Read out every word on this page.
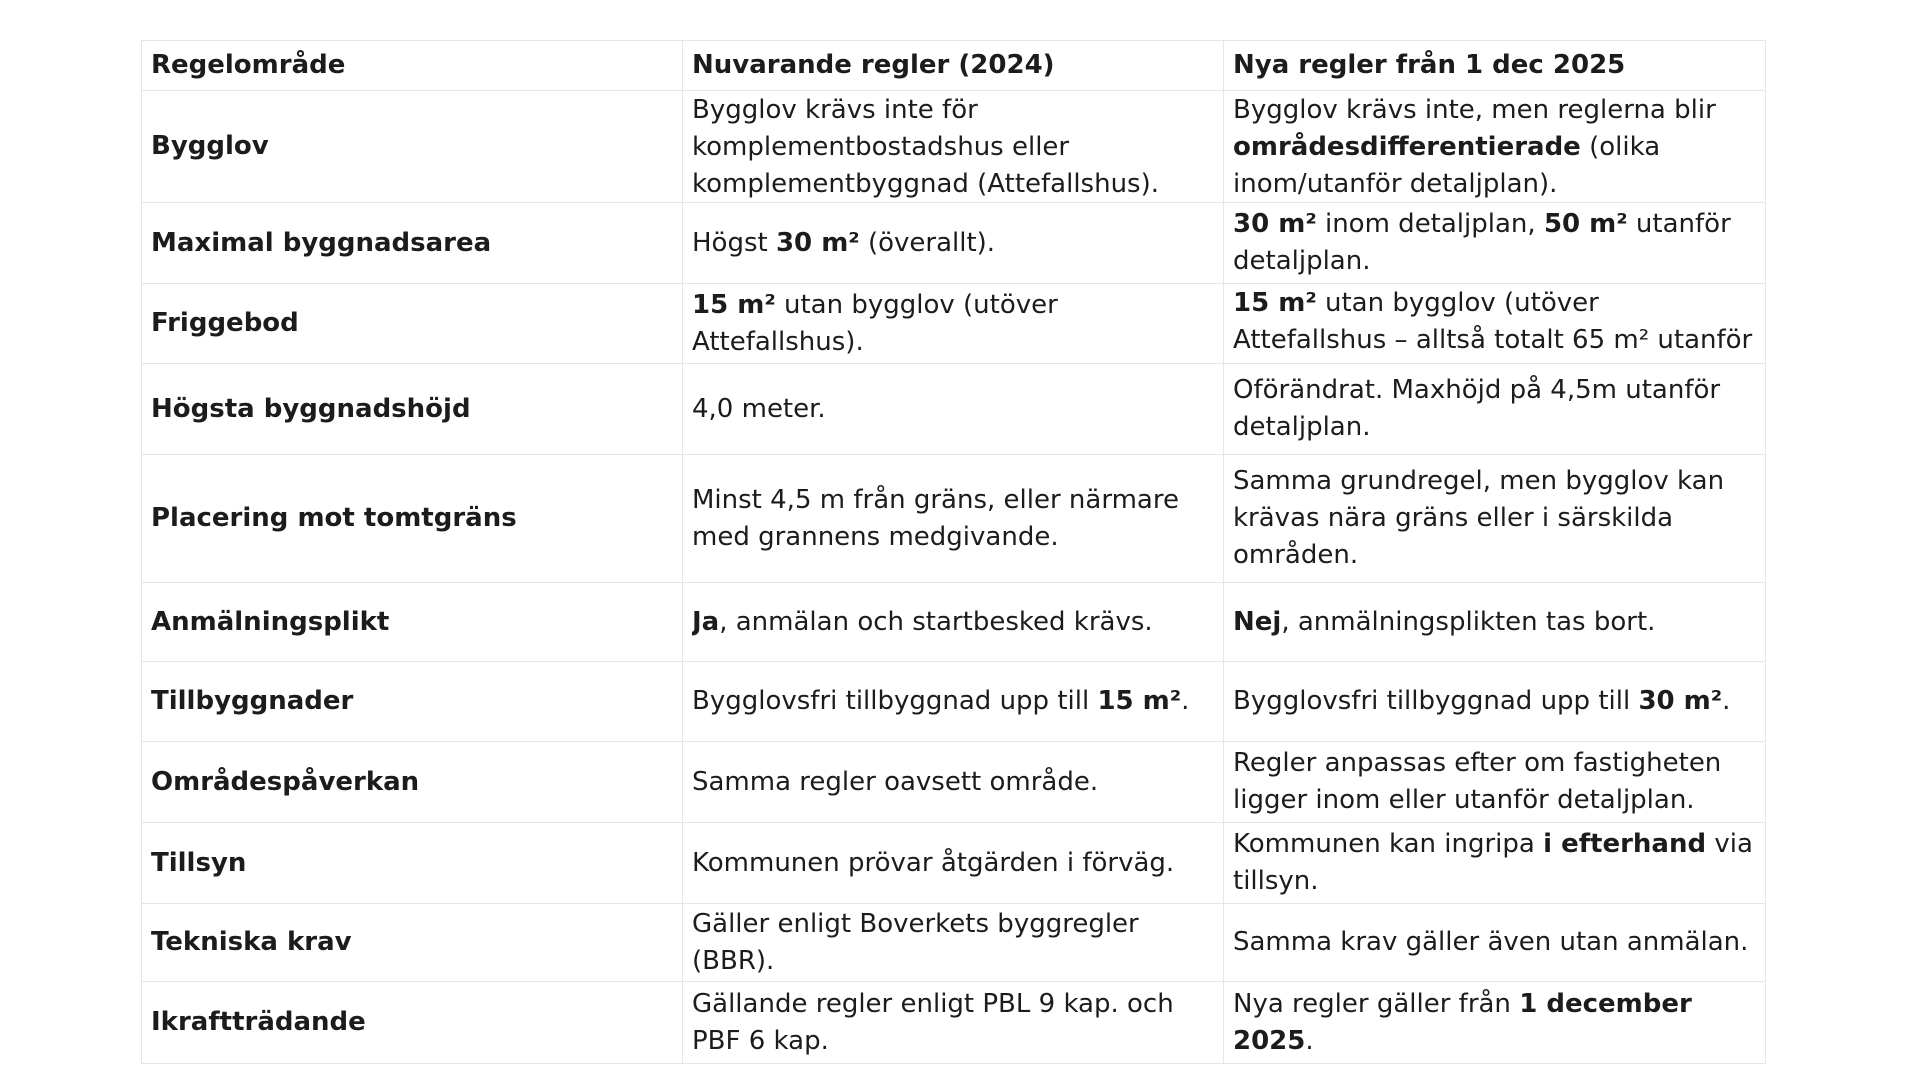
Regelområde	Nuvarande regler (2024)	Nya regler från 1 dec 2025
Bygglov	Bygglov krävs inte för komplementbostadshus eller komplementbyggnad (Attefallshus).	Bygglov krävs inte, men reglerna blir områdesdifferentierade (olika inom/utanför detaljplan).

Maximal byggnadsarea	Högst 30 m² (överallt).	30 m² inom detaljplan, 50 m² utanför detaljplan.

Friggebod	15 m² utan bygglov (utöver Attefallshus).	15 m² utan bygglov (utöver Attefallshus – alltså totalt 65 m² utanför

Högsta byggnadshöjd	4,0 meter.	Oförändrat. Maxhöjd på 4,5m utanför detaljplan.

Placering mot tomtgräns	Minst 4,5 m från gräns, eller närmare med grannens medgivande.	Samma grundregel, men bygglov kan krävas nära gräns eller i särskilda områden.

Anmälningsplikt	Ja, anmälan och startbesked krävs.	Nej, anmälningsplikten tas bort.

Tillbyggnader	Bygglovsfri tillbyggnad upp till 15 m².	Bygglovsfri tillbyggnad upp till 30 m².

Områdespåverkan	Samma regler oavsett område.	Regler anpassas efter om fastigheten ligger inom eller utanför detaljplan.

Tillsyn	Kommunen prövar åtgärden i förväg.	Kommunen kan ingripa i efterhand via tillsyn.

Tekniska krav	Gäller enligt Boverkets byggregler (BBR).	Samma krav gäller även utan anmälan.

Ikraftträdande	Gällande regler enligt PBL 9 kap. och PBF 6 kap.	Nya regler gäller från 1 december 2025.
